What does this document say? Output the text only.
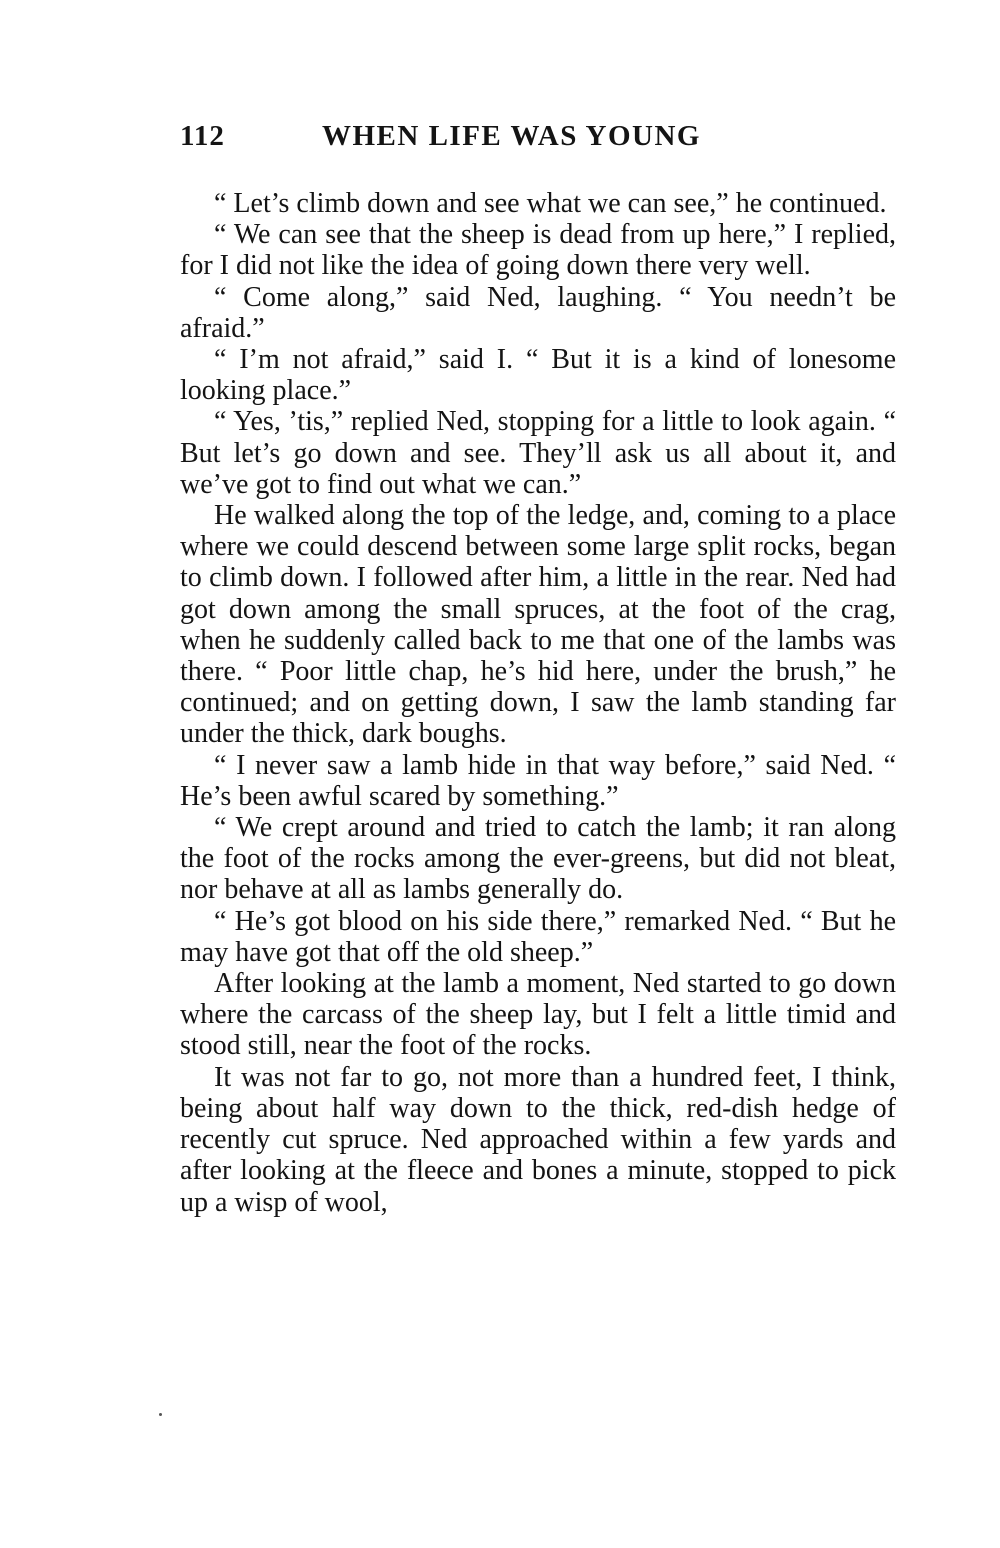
112	WHEN LIFE WAS YOUNG

“ Let’s climb down and see what we can see,” he continued.

“ We can see that the sheep is dead from up here,” I replied, for I did not like the idea of going down there very well.

“ Come along,” said Ned, laughing. “ You needn’t be afraid.”

“ I’m not afraid,” said I. “ But it is a kind of lonesome looking place.”

“ Yes, ’tis,” replied Ned, stopping for a little to look again. “ But let’s go down and see. They’ll ask us all about it, and we’ve got to find out what we can.”

He walked along the top of the ledge, and, coming to a place where we could descend between some large split rocks, began to climb down. I followed after him, a little in the rear. Ned had got down among the small spruces, at the foot of the crag, when he suddenly called back to me that one of the lambs was there. “ Poor little chap, he’s hid here, under the brush,” he continued; and on getting down, I saw the lamb standing far under the thick, dark boughs.

“ I never saw a lamb hide in that way before,” said Ned. “ He’s been awful scared by something.”

“ We crept around and tried to catch the lamb; it ran along the foot of the rocks among the ever-greens, but did not bleat, nor behave at all as lambs generally do.

“ He’s got blood on his side there,” remarked Ned. “ But he may have got that off the old sheep.”

After looking at the lamb a moment, Ned started to go down where the carcass of the sheep lay, but I felt a little timid and stood still, near the foot of the rocks.

It was not far to go, not more than a hundred feet, I think, being about half way down to the thick, red-dish hedge of recently cut spruce. Ned approached within a few yards and after looking at the fleece and bones a minute, stopped to pick up a wisp of wool,
